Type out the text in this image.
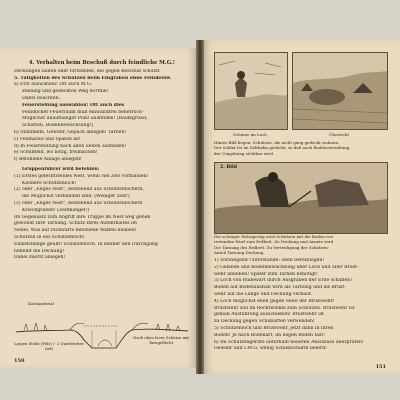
4. Verhalten beim Beschuß durch feindliche M.G.!
Deckungen laufen oder fortstellen, die gegen Beschuß schützt
5. Tätigkeiten des Schützen beim Eingraben ohne Feindeinw.
a) Erst auswählen! Oft auch M.G.
stellung und gedeckten Weg dorthin!
Dabei beachten:
Feuerstellung auswählen! Oft auch dies
Feindlicher Feuerraum muß einwandfrei beherrsch-
Möglichst unauffälliger Platz ausfinden! (Baumgrund,
Schatten, Bodenbewachsung!)
b) Stahlhelm, Gewehr, Gepäck ablegen! Tarnen!
c) Feldhacke und Spaten ab!
d) In Feuerstellung nach allen Seiten ausbilden!
e) Schußfeld, wo nötig, freimachen!
f) Befohlene Anlage anlegen!
Gruppenführer wird befehlen:
(1) Erstes gefechtsfeldes Nest, wenn viel Zeit vorhanden!
Kleinere Schützenloch!
(2) oder „Enges Nest", bestehend aus Schützenlöchern,
die Möglichst verbunden sind. (Weniger Zeit!)
(3) oder „Enges Nest", bestehend aus Schützenlöchern
Kriechgräben! (Zeitmangel!)
Im Gegensatz zum Angriff ihre Truppe im Nest weg gehen
gewöhnt Ihre Tarnung. Schutz Ihres Aufenthaltes im
Nebel. Was auf rückwärts befohlene Waffen bleiben!
Schützen in ein Schützenloch!
Einzelstellige geübt! Schützenloch. In kleiner den Durchgang
befiehlt die Deckung!
Dabei zuerst anlegen!
Kochmaterial
Nach oben leere Schütze mit Tarngeflecht
Liegen Steile (Fels) (- 2 Querbretter tief)
150
Schütze im Loch	Übersicht
Hinter Bild liegen: Schützen, die nicht geng gedeckt wohnen.
Der Soldat Ist im Zeltbahn gedeckt, so daß auch Bodenverwaltung
der Umgebung sichtbar wird.
2. Bild
Die schräger Holzspreng zwei Schützen mit die Boden vor-
tretenden Wurf zum Erdbett. Zu Deckung und Ansatz wird
Die Tarnung des Erdbett. Zu Verteidigung der Schützen-
Anteil Tarnung Deckung.
1) Vorwiegend Unterstände: oben bereitliegen!
2) Gelände und Bodenbewachsung über Loch und über Brust-
wehr abheben! Später zum Tarnen benötigt!
3) Loch von Rüdewärt durch Ausgraben der Erde schaffen!
Boden auf Bodenaushub wird als Tarnung und als Brust-
wehr auf die Länge und Deckung verbaut.
4) Loch möglichst eben gegen Seite der Brustwehr!
Brustwehr soll im Rechtwinkel zum Schützen. Brustwehr ist
gemäß Ausführung ausschießen! Brustwehr ist
zu Deckung gegen Schüßarten verwenden!
5) Schützenloch und Brustwehr, jetzt dann in Ihren
Boden! Je nach Bodenart, im liegen Boden fast!
6) Im Schützengeräte unterhalb neueren Anschluss überprüfen!
Gewehr und I.M.G. wenig Schießschärfe liefern!
151
